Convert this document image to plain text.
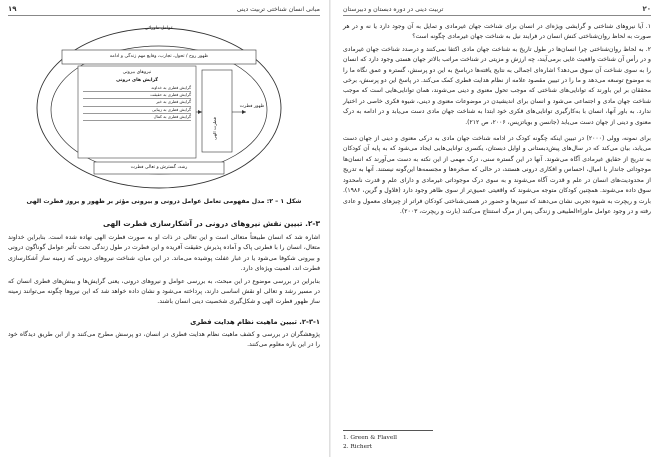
مبانی انسان شناختی تربیت دینی
۱۹
عوامل ماورائی
ظهور روح / تحول، تجارب، وقایع مهم زندگی و ادامه
نیروهای بیرونی
گرایش های درونی
گرایش فطری به خداوند
گرایش فطری به حقیقت
گرایش فطری به خیر
گرایش فطری به زیبایی
گرایش فطری به کمال
فطرت الهی
ظهور فطرت
رشد، گسترش و تعالی فطرت
شکل ۱ – ۲: مدل مفهومی تعامل عوامل درونی و بیرونی مؤثر بر ظهور و بروز فطرت الهی
۲-۳. تبیین نقش نیروهای درونی در آشکارسازی فطرت الهی

اشاره شد که انسان طبیعتاً متعالی است و این تعالی در ذات او به صورت فطرت الهی نهاده شده است. بنابراین خداوند متعال، انسان را با فطرتی پاک و آماده پذیرش حقیقت آفریده و این فطرت در طول زندگی تحت تأثیر عوامل گوناگون درونی و بیرونی شکوفا می‌شود یا در غبار غفلت پوشیده می‌ماند. در این میان، شناخت نیروهای درونی که زمینه ساز آشکارسازی فطرت اند، اهمیت ویژه‌ای دارد.

بنابراین در بررسی موضوع در این مبحث، به بررسی عوامل و نیروهای درونی، یعنی گرایش‌ها و بینش‌های فطری انسان که در مسیر رشد و تعالی او نقش اساسی دارند، پرداخته می‌شود و نشان داده خواهد شد که این نیروها چگونه می‌توانند زمینه ساز ظهور فطرت الهی و شکل‌گیری شخصیت دینی انسان باشند.

۲-۳-۱. تبیین ماهیت نظام هدایت فطری

پژوهشگران در بررسی و کشف ماهیت نظام هدایت فطری در انسان، دو پرسش مطرح می‌کنند و از این طریق دیدگاه خود را در این باره معلوم می‌کنند.

۲۰
تربیت دینی در دوره دبستان و دبیرستان

۱. آیا نیروهای شناختی و گرایشی ویژه‌ای در انسان برای شناخت جهان غیرمادی و تمایل به آن وجود دارد یا نه و در هر صورت به لحاظ روان‌شناختی کنش انسان در فرایند نیل به شناخت جهان غیرمادی چگونه است؟

۲. به لحاظ روان‌شناختی چرا انسان‌ها در طول تاریخ به شناخت جهان مادی اکتفا نمی‌کنند و درصدد شناخت جهان غیرمادی و در رأس آن شناخت واقعیت غایی برمی‌آیند، چه ارزش و مزیتی در شناخت مراتب بالاتر جهان هستی وجود دارد که انسان را به سوی شناخت آن سوق می‌دهد؟ اشاره‌ای اجمالی به نتایج یافته‌ها درباسخ به این دو پرسش، گستره و عمق نگاه ما را به موضوع توسعه می‌دهد و ما را در تبیین مقصود علامه از نظام هدایت فطری کمک می‌کند. در پاسخ این دو پرسش، برخی محققان بر این باورند که توانایی‌های شناختی که موجب تحول معنوی و دینی می‌شوند، همان توانایی‌هایی است که موجب شناخت جهان مادی و اجتماعی می‌شود و انسان برای اندیشیدن در موضوعات معنوی و دینی، شیوه فکری خاصی در اختیار ندارد. به باور آنها، انسان با به‌کارگیری توانایی‌های فکری خود ابتدا به شناخت جهان مادی دست می‌یابد و در ادامه به درک معنوی و دینی از جهان دست می‌یابد (جانسن و بویاتزیس، ۲۰۰۶، ص ۲۱۲).

برای نمونه، وولی (۲۰۰۰) در تبیین اینکه چگونه کودک در ادامه شناخت جهان مادی به درکی معنوی و دینی از جهان دست می‌یابد، بیان می‌کند که در سال‌های پیش‌دبستانی و اوایل دبستان، یکسری توانایی‌هایی ایجاد می‌شود که به پایه آن کودکان به تدریج از حقایق غیرمادی آگاه می‌شوند. آنها در این گستره سنی، درک مهمی از این نکته به دست می‌آورند که انسان‌ها موجوداتی جاندار با امیال، احساس و افکاری درونی هستند، در حالی که صخره‌ها و مجسمه‌ها این‌گونه نیستند. آنها به تدریج از محدودیت‌های انسان در علم و قدرت آگاه می‌شوند و به سوی درک موجوداتی غیرمادی و دارای علم و قدرت نامحدود سوق داده می‌شوند. همچنین کودکان متوجه می‌شوند که واقعیتی عمیق‌تر از سوی ظاهر وجود دارد (فلاول و گرین، ۱۹۸۶). بارت و ریچرت به شیوه تجربی نشان می‌دهند که تبیین‌ها و حضور در هستی‌شناختی کودکان فراتر از چیزهای معمول و عادی رفته و در وجود عوامل ماوراءالطبیعی و زندگی پس از مرگ استنتاج می‌کنند (بارت و ریچرت، ۲۰۰۳).

1. Green & Flavell
2. Richert
